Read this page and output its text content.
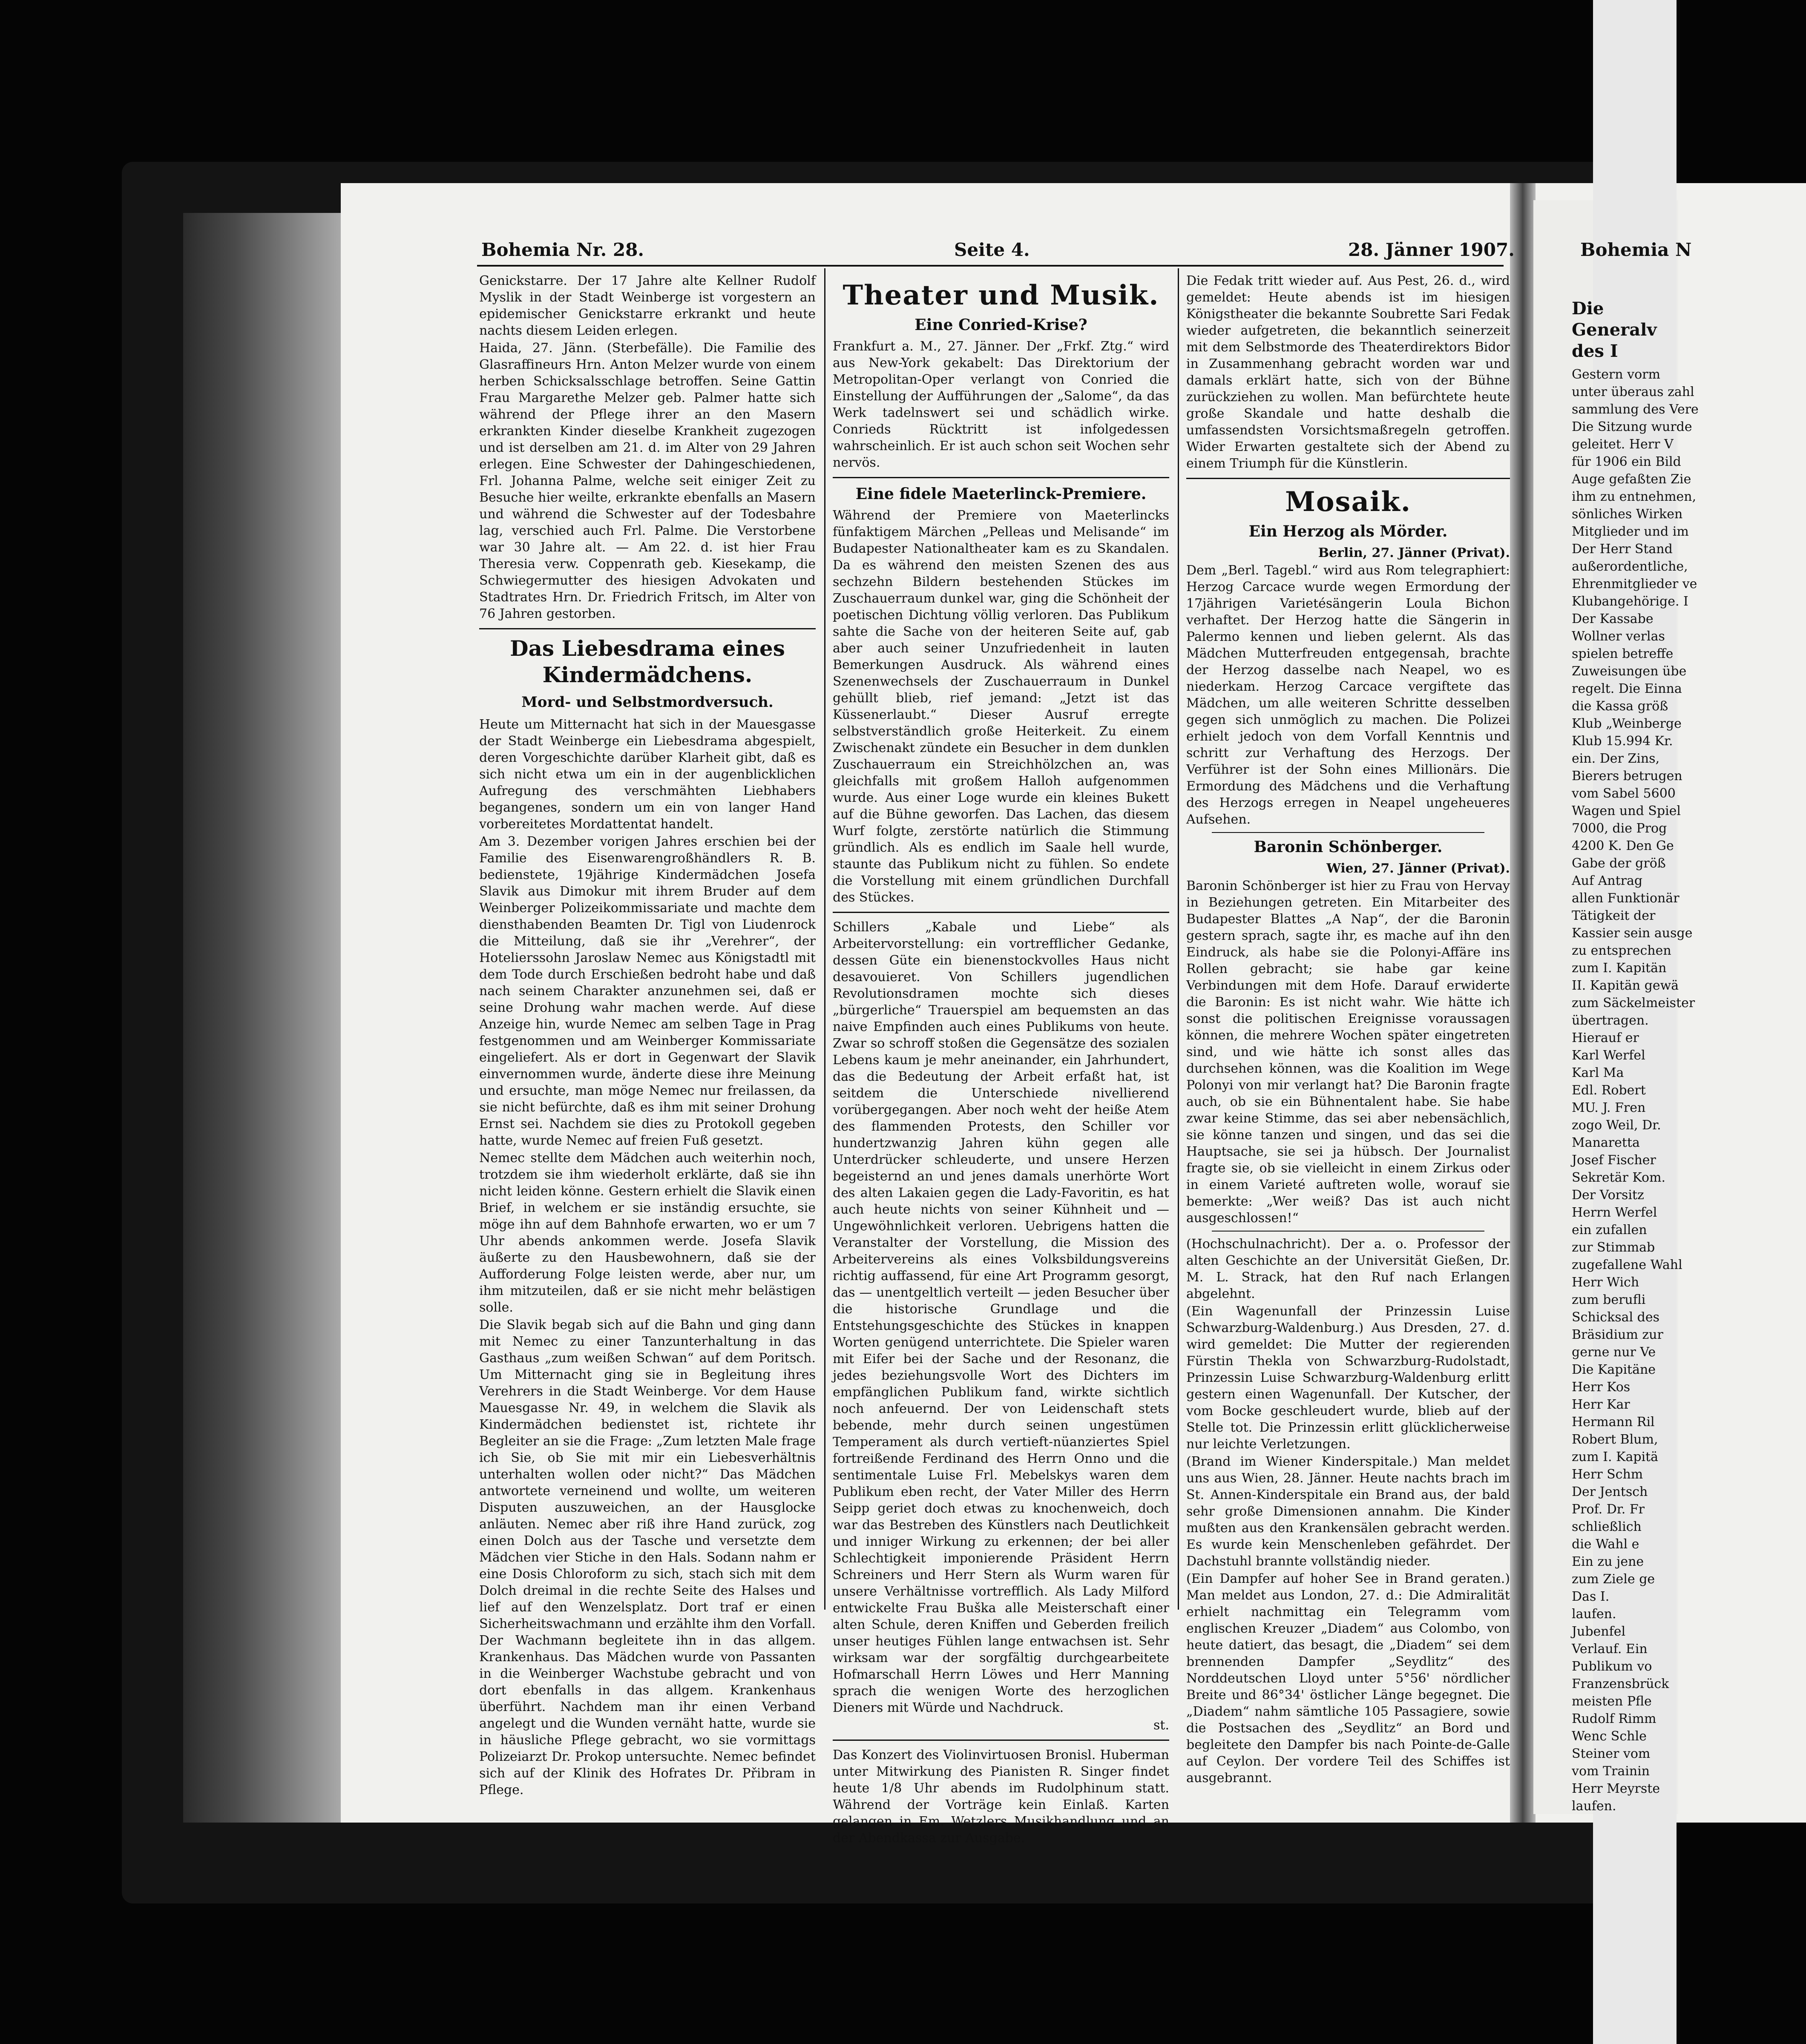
Bohemia Nr. 28.	Seite 4.	28. Jänner 1907.	Bohemia N

Genickstarre. Der 17 Jahre alte Kellner Rudolf Myslik in der Stadt Weinberge ist vorgestern an epidemischer Genickstarre erkrankt und heute nachts diesem Leiden erlegen.

Haida, 27. Jänn. (Sterbefälle). Die Familie des Glasraffineurs Hrn. Anton Melzer wurde von einem herben Schicksalsschlage betroffen. Seine Gattin Frau Margarethe Melzer geb. Palmer hatte sich während der Pflege ihrer an den Masern erkrankten Kinder dieselbe Krankheit zugezogen und ist derselben am 21. d. im Alter von 29 Jahren erlegen. Eine Schwester der Dahingeschiedenen, Frl. Johanna Palme, welche seit einiger Zeit zu Besuche hier weilte, erkrankte ebenfalls an Masern und während die Schwester auf der Todesbahre lag, verschied auch Frl. Palme. Die Verstorbene war 30 Jahre alt. — Am 22. d. ist hier Frau Theresia verw. Coppenrath geb. Kiesekamp, die Schwiegermutter des hiesigen Advokaten und Stadtrates Hrn. Dr. Friedrich Fritsch, im Alter von 76 Jahren gestorben.

Das Liebesdrama eines Kindermädchens.
Mord- und Selbstmordversuch.

Heute um Mitternacht hat sich in der Mauesgasse der Stadt Weinberge ein Liebesdrama abgespielt, deren Vorgeschichte darüber Klarheit gibt, daß es sich nicht etwa um ein in der augenblicklichen Aufregung des verschmähten Liebhabers begangenes, sondern um ein von langer Hand vorbereitetes Mordattentat handelt.

Am 3. Dezember vorigen Jahres erschien bei der Familie des Eisenwarengroßhändlers R. B. bedienstete, 19jährige Kindermädchen Josefa Slavik aus Dimokur mit ihrem Bruder auf dem Weinberger Polizeikommissariate und machte dem diensthabenden Beamten Dr. Tigl von Liudenrock die Mitteilung, daß sie ihr „Verehrer“, der Hotelierssohn Jaroslaw Nemec aus Königstadtl mit dem Tode durch Erschießen bedroht habe und daß nach seinem Charakter anzunehmen sei, daß er seine Drohung wahr machen werde. Auf diese Anzeige hin, wurde Nemec am selben Tage in Prag festgenommen und am Weinberger Kommissariate eingeliefert. Als er dort in Gegenwart der Slavik einvernommen wurde, änderte diese ihre Meinung und ersuchte, man möge Nemec nur freilassen, da sie nicht befürchte, daß es ihm mit seiner Drohung Ernst sei. Nachdem sie dies zu Protokoll gegeben hatte, wurde Nemec auf freien Fuß gesetzt.

Nemec stellte dem Mädchen auch weiterhin noch, trotzdem sie ihm wiederholt erklärte, daß sie ihn nicht leiden könne. Gestern erhielt die Slavik einen Brief, in welchem er sie inständig ersuchte, sie möge ihn auf dem Bahnhofe erwarten, wo er um 7 Uhr abends ankommen werde. Josefa Slavik äußerte zu den Hausbewohnern, daß sie der Aufforderung Folge leisten werde, aber nur, um ihm mitzuteilen, daß er sie nicht mehr belästigen solle.

Die Slavik begab sich auf die Bahn und ging dann mit Nemec zu einer Tanzunterhaltung in das Gasthaus „zum weißen Schwan“ auf dem Poritsch. Um Mitternacht ging sie in Begleitung ihres Verehrers in die Stadt Weinberge. Vor dem Hause Mauesgasse Nr. 49, in welchem die Slavik als Kindermädchen bedienstet ist, richtete ihr Begleiter an sie die Frage: „Zum letzten Male frage ich Sie, ob Sie mit mir ein Liebesverhältnis unterhalten wollen oder nicht?“ Das Mädchen antwortete verneinend und wollte, um weiteren Disputen auszuweichen, an der Hausglocke anläuten. Nemec aber riß ihre Hand zurück, zog einen Dolch aus der Tasche und versetzte dem Mädchen vier Stiche in den Hals. Sodann nahm er eine Dosis Chloroform zu sich, stach sich mit dem Dolch dreimal in die rechte Seite des Halses und lief auf den Wenzelsplatz. Dort traf er einen Sicherheitswachmann und erzählte ihm den Vorfall. Der Wachmann begleitete ihn in das allgem. Krankenhaus. Das Mädchen wurde von Passanten in die Weinberger Wachstube gebracht und von dort ebenfalls in das allgem. Krankenhaus überführt. Nachdem man ihr einen Verband angelegt und die Wunden vernäht hatte, wurde sie in häusliche Pflege gebracht, wo sie vormittags Polizeiarzt Dr. Prokop untersuchte. Nemec befindet sich auf der Klinik des Hofrates Dr. Přibram in Pflege.

Theater und Musik.
Eine Conried-Krise?

Frankfurt a. M., 27. Jänner. Der „Frkf. Ztg.“ wird aus New-York gekabelt: Das Direktorium der Metropolitan-Oper verlangt von Conried die Einstellung der Aufführungen der „Salome“, da das Werk tadelnswert sei und schädlich wirke. Conrieds Rücktritt ist infolgedessen wahrscheinlich. Er ist auch schon seit Wochen sehr nervös.

Eine fidele Maeterlinck-Premiere.

Während der Premiere von Maeterlincks fünfaktigem Märchen „Pelleas und Melisande“ im Budapester Nationaltheater kam es zu Skandalen. Da es während den meisten Szenen des aus sechzehn Bildern bestehenden Stückes im Zuschauerraum dunkel war, ging die Schönheit der poetischen Dichtung völlig verloren. Das Publikum sahte die Sache von der heiteren Seite auf, gab aber auch seiner Unzufriedenheit in lauten Bemerkungen Ausdruck. Als während eines Szenenwechsels der Zuschauerraum in Dunkel gehüllt blieb, rief jemand: „Jetzt ist das Küssenerlaubt.“ Dieser Ausruf erregte selbstverständlich große Heiterkeit. Zu einem Zwischenakt zündete ein Besucher in dem dunklen Zuschauerraum ein Streichhölzchen an, was gleichfalls mit großem Halloh aufgenommen wurde. Aus einer Loge wurde ein kleines Bukett auf die Bühne geworfen. Das Lachen, das diesem Wurf folgte, zerstörte natürlich die Stimmung gründlich. Als es endlich im Saale hell wurde, staunte das Publikum nicht zu fühlen. So endete die Vorstellung mit einem gründlichen Durchfall des Stückes.

Schillers „Kabale und Liebe“ als Arbeitervorstellung: ein vortrefflicher Gedanke, dessen Güte ein bienenstockvolles Haus nicht desavouieret. Von Schillers jugendlichen Revolutionsdramen mochte sich dieses „bürgerliche“ Trauerspiel am bequemsten an das naive Empfinden auch eines Publikums von heute. Zwar so schroff stoßen die Gegensätze des sozialen Lebens kaum je mehr aneinander, ein Jahrhundert, das die Bedeutung der Arbeit erfaßt hat, ist seitdem die Unterschiede nivellierend vorübergegangen. Aber noch weht der heiße Atem des flammenden Protests, den Schiller vor hundertzwanzig Jahren kühn gegen alle Unterdrücker schleuderte, und unsere Herzen begeisternd an und jenes damals unerhörte Wort des alten Lakaien gegen die Lady-Favoritin, es hat auch heute nichts von seiner Kühnheit und — Ungewöhnlichkeit verloren. Uebrigens hatten die Veranstalter der Vorstellung, die Mission des Arbeitervereins als eines Volksbildungsvereins richtig auffassend, für eine Art Programm gesorgt, das — unentgeltlich verteilt — jeden Besucher über die historische Grundlage und die Entstehungsgeschichte des Stückes in knappen Worten genügend unterrichtete. Die Spieler waren mit Eifer bei der Sache und der Resonanz, die jedes beziehungsvolle Wort des Dichters im empfänglichen Publikum fand, wirkte sichtlich noch anfeuernd. Der von Leidenschaft stets bebende, mehr durch seinen ungestümen Temperament als durch vertieft-nüanziertes Spiel fortreißende Ferdinand des Herrn Onno und die sentimentale Luise Frl. Mebelskys waren dem Publikum eben recht, der Vater Miller des Herrn Seipp geriet doch etwas zu knochenweich, doch war das Bestreben des Künstlers nach Deutlichkeit und inniger Wirkung zu erkennen; der bei aller Schlechtigkeit imponierende Präsident Herrn Schreiners und Herr Stern als Wurm waren für unsere Verhältnisse vortrefflich. Als Lady Milford entwickelte Frau Buška alle Meisterschaft einer alten Schule, deren Kniffen und Geberden freilich unser heutiges Fühlen lange entwachsen ist. Sehr wirksam war der sorgfältig durchgearbeitete Hofmarschall Herrn Löwes und Herr Manning sprach die wenigen Worte des herzoglichen Dieners mit Würde und Nachdruck.

st.

Das Konzert des Violinvirtuosen Bronisl. Huberman unter Mitwirkung des Pianisten R. Singer findet heute 1/8 Uhr abends im Rudolphinum statt. Während der Vorträge kein Einlaß. Karten gelangen in Em. Wetzlers Musikhandlung und an der Abendkassa zur Ausgabe.

Die Fedak tritt wieder auf. Aus Pest, 26. d., wird gemeldet: Heute abends ist im hiesigen Königstheater die bekannte Soubrette Sari Fedak wieder aufgetreten, die bekanntlich seinerzeit mit dem Selbstmorde des Theaterdirektors Bidor in Zusammenhang gebracht worden war und damals erklärt hatte, sich von der Bühne zurückziehen zu wollen. Man befürchtete heute große Skandale und hatte deshalb die umfassendsten Vorsichtsmaßregeln getroffen. Wider Erwarten gestaltete sich der Abend zu einem Triumph für die Künstlerin.

Mosaik.
Ein Herzog als Mörder.

Berlin, 27. Jänner (Privat).

Dem „Berl. Tagebl.“ wird aus Rom telegraphiert: Herzog Carcace wurde wegen Ermordung der 17jährigen Varietésängerin Loula Bichon verhaftet. Der Herzog hatte die Sängerin in Palermo kennen und lieben gelernt. Als das Mädchen Mutterfreuden entgegensah, brachte der Herzog dasselbe nach Neapel, wo es niederkam. Herzog Carcace vergiftete das Mädchen, um alle weiteren Schritte desselben gegen sich unmöglich zu machen. Die Polizei erhielt jedoch von dem Vorfall Kenntnis und schritt zur Verhaftung des Herzogs. Der Verführer ist der Sohn eines Millionärs. Die Ermordung des Mädchens und die Verhaftung des Herzogs erregen in Neapel ungeheueres Aufsehen.

Baronin Schönberger.

Wien, 27. Jänner (Privat).

Baronin Schönberger ist hier zu Frau von Hervay in Beziehungen getreten. Ein Mitarbeiter des Budapester Blattes „A Nap“, der die Baronin gestern sprach, sagte ihr, es mache auf ihn den Eindruck, als habe sie die Polonyi-Affäre ins Rollen gebracht; sie habe gar keine Verbindungen mit dem Hofe. Darauf erwiderte die Baronin: Es ist nicht wahr. Wie hätte ich sonst die politischen Ereignisse voraussagen können, die mehrere Wochen später eingetreten sind, und wie hätte ich sonst alles das durchsehen können, was die Koalition im Wege Polonyi von mir verlangt hat? Die Baronin fragte auch, ob sie ein Bühnentalent habe. Sie habe zwar keine Stimme, das sei aber nebensächlich, sie könne tanzen und singen, und das sei die Hauptsache, sie sei ja hübsch. Der Journalist fragte sie, ob sie vielleicht in einem Zirkus oder in einem Varieté auftreten wolle, worauf sie bemerkte: „Wer weiß? Das ist auch nicht ausgeschlossen!“

(Hochschulnachricht). Der a. o. Professor der alten Geschichte an der Universität Gießen, Dr. M. L. Strack, hat den Ruf nach Erlangen abgelehnt.

(Ein Wagenunfall der Prinzessin Luise Schwarzburg-Waldenburg.) Aus Dresden, 27. d. wird gemeldet: Die Mutter der regierenden Fürstin Thekla von Schwarzburg-Rudolstadt, Prinzessin Luise Schwarzburg-Waldenburg erlitt gestern einen Wagenunfall. Der Kutscher, der vom Bocke geschleudert wurde, blieb auf der Stelle tot. Die Prinzessin erlitt glücklicherweise nur leichte Verletzungen.

(Brand im Wiener Kinderspitale.) Man meldet uns aus Wien, 28. Jänner. Heute nachts brach im St. Annen-Kinderspitale ein Brand aus, der bald sehr große Dimensionen annahm. Die Kinder mußten aus den Krankensälen gebracht werden. Es wurde kein Menschenleben gefährdet. Der Dachstuhl brannte vollständig nieder.

(Ein Dampfer auf hoher See in Brand geraten.) Man meldet aus London, 27. d.: Die Admiralität erhielt nachmittag ein Telegramm vom englischen Kreuzer „Diadem“ aus Colombo, von heute datiert, das besagt, die „Diadem“ sei dem brennenden Dampfer „Seydlitz“ des Norddeutschen Lloyd unter 5°56' nördlicher Breite und 86°34' östlicher Länge begegnet. Die „Diadem“ nahm sämtliche 105 Passagiere, sowie die Postsachen des „Seydlitz“ an Bord und begleitete den Dampfer bis nach Pointe-de-Galle auf Ceylon. Der vordere Teil des Schiffes ist ausgebrannt.

Die Generalv des I
Gestern vorm
unter überaus zahl
sammlung des Vere
Die Sitzung wurde
geleitet. Herr V
für 1906 ein Bild
Auge gefaßten Zie
ihm zu entnehmen,
sönliches Wirken
Mitglieder und im
Der Herr Stand
außerordentliche,
Ehrenmitglieder ve
Klubangehörige. I
Der Kassabe
Wollner verlas
spielen betreffe
Zuweisungen übe
regelt. Die Einna
die Kassa größ
Klub „Weinberge
Klub 15.994 Kr.
ein. Der Zins,
Bierers betrugen
vom Sabel 5600
Wagen und Spiel
7000, die Prog
4200 K. Den Ge
Gabe der größ
Auf Antrag
allen Funktionär
Tätigkeit der
Kassier sein ausge
zu entsprechen
zum I. Kapitän
II. Kapitän gewä
zum Säckelmeister
übertragen.
Hierauf er
Karl Werfel
Karl Ma
Edl. Robert
MU. J. Fren
zogo Weil, Dr.
Manaretta
Josef Fischer
Sekretär Kom.
Der Vorsitz
Herrn Werfel
ein zufallen
zur Stimmab
zugefallene Wahl
Herr Wich
zum berufli
Schicksal des
Bräsidium zur
gerne nur Ve
Die Kapitäne
Herr Kos
Herr Kar
Hermann Ril
Robert Blum,
zum I. Kapitä
Herr Schm
Der Jentsch
Prof. Dr. Fr
schließlich
die Wahl e
Ein zu jene
zum Ziele ge
Das I.
laufen.
Jubenfel
Verlauf. Ein
Publikum vo
Franzensbrück
meisten Pfle
Rudolf Rimm
Wenc Schle
Steiner vom
vom Trainin
Herr Meyrste
laufen.
